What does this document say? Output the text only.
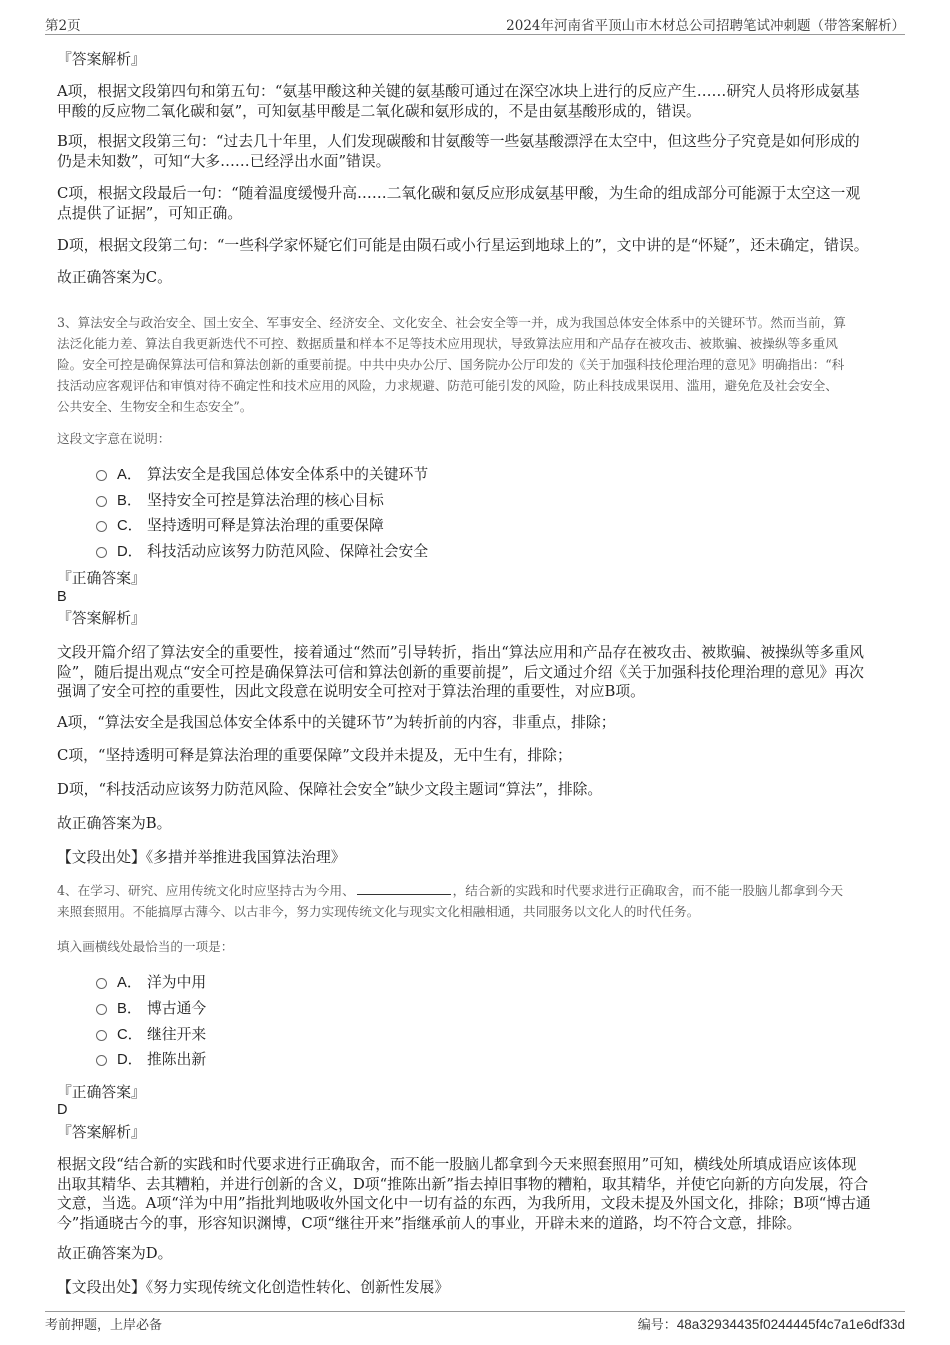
第2页	2024年河南省平顶山市木材总公司招聘笔试冲刺题（带答案解析）
『答案解析』

A项，根据文段第四句和第五句：“氨基甲酸这种关键的氨基酸可通过在深空冰块上进行的反应产生……研究人员将形成氨基

甲酸的反应物二氧化碳和氨”，可知氨基甲酸是二氧化碳和氨形成的，不是由氨基酸形成的，错误。

B项，根据文段第三句：“过去几十年里，人们发现碳酸和甘氨酸等一些氨基酸漂浮在太空中，但这些分子究竟是如何形成的

仍是未知数”，可知“大多……已经浮出水面”错误。

C项，根据文段最后一句：“随着温度缓慢升高……二氧化碳和氨反应形成氨基甲酸，为生命的组成部分可能源于太空这一观

点提供了证据”，可知正确。

D项，根据文段第二句：“一些科学家怀疑它们可能是由陨石或小行星运到地球上的”，文中讲的是“怀疑”，还未确定，错误。
故正确答案为C。

3、算法安全与政治安全、国土安全、军事安全、经济安全、文化安全、社会安全等一并，成为我国总体安全体系中的关键环节。然而当前，算

法泛化能力差、算法自我更新迭代不可控、数据质量和样本不足等技术应用现状，导致算法应用和产品存在被攻击、被欺骗、被操纵等多重风

险。安全可控是确保算法可信和算法创新的重要前提。中共中央办公厅、国务院办公厅印发的《关于加强科技伦理治理的意见》明确指出：“科

技活动应客观评估和审慎对待不确定性和技术应用的风险，力求规避、防范可能引发的风险，防止科技成果误用、滥用，避免危及社会安全、

公共安全、生物安全和生态安全”。

这段文字意在说明：
A． 算法安全是我国总体安全体系中的关键环节
B． 坚持安全可控是算法治理的核心目标
C． 坚持透明可释是算法治理的重要保障
D． 科技活动应该努力防范风险、保障社会安全
『正确答案』
B
『答案解析』

文段开篇介绍了算法安全的重要性，接着通过“然而”引导转折，指出“算法应用和产品存在被攻击、被欺骗、被操纵等多重风

险”，随后提出观点“安全可控是确保算法可信和算法创新的重要前提”，后文通过介绍《关于加强科技伦理治理的意见》再次

强调了安全可控的重要性，因此文段意在说明安全可控对于算法治理的重要性，对应B项。

A项，“算法安全是我国总体安全体系中的关键环节”为转折前的内容，非重点，排除；
C项，“坚持透明可释是算法治理的重要保障”文段并未提及，无中生有，排除；
D项，“科技活动应该努力防范风险、保障社会安全”缺少文段主题词“算法”，排除。
故正确答案为B。
【文段出处】《多措并举推进我国算法治理》

4、在学习、研究、应用传统文化时应坚持古为今用、	，结合新的实践和时代要求进行正确取舍，而不能一股脑儿都拿到今天

来照套照用。不能搞厚古薄今、以古非今，努力实现传统文化与现实文化相融相通，共同服务以文化人的时代任务。

填入画横线处最恰当的一项是：
A． 洋为中用
B． 博古通今
C． 继往开来
D． 推陈出新
『正确答案』
D
『答案解析』

根据文段“结合新的实践和时代要求进行正确取舍，而不能一股脑儿都拿到今天来照套照用”可知，横线处所填成语应该体现

出取其精华、去其糟粕，并进行创新的含义，D项“推陈出新”指去掉旧事物的糟粕，取其精华，并使它向新的方向发展，符合

文意，当选。A项“洋为中用”指批判地吸收外国文化中一切有益的东西，为我所用，文段未提及外国文化，排除；B项“博古通

今”指通晓古今的事，形容知识渊博，C项“继往开来”指继承前人的事业，开辟未来的道路，均不符合文意，排除。

故正确答案为D。
【文段出处】《努力实现传统文化创造性转化、创新性发展》
考前押题，上岸必备	编号：48a32934435f0244445f4c7a1e6df33d
